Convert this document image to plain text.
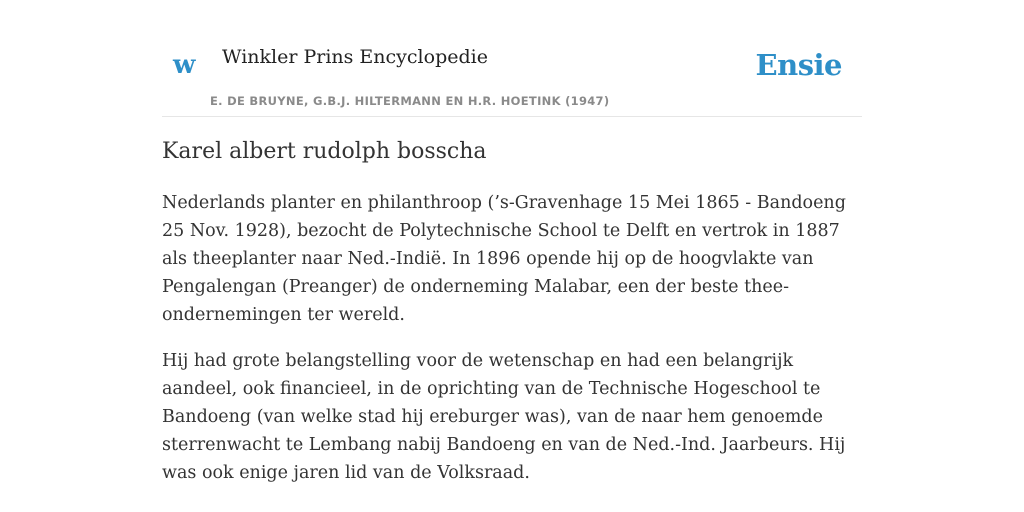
w Winkler Prins Encyclopedie
E. DE BRUYNE, G.B.J. HILTERMANN EN H.R. HOETINK (1947)
Ensie
Karel albert rudolph bosscha

Nederlands planter en philanthroop (’s-Gravenhage 15 Mei 1865 - Bandoeng 25 Nov. 1928), bezocht de Polytechnische School te Delft en vertrok in 1887 als theeplanter naar Ned.-Indië. In 1896 opende hij op de hoogvlakte van Pengalengan (Preanger) de onderneming Malabar, een der beste thee-ondernemingen ter wereld.

Hij had grote belangstelling voor de wetenschap en had een belangrijk aandeel, ook financieel, in de oprichting van de Technische Hogeschool te Bandoeng (van welke stad hij ereburger was), van de naar hem genoemde sterrenwacht te Lembang nabij Bandoeng en van de Ned.-Ind. Jaarbeurs. Hij was ook enige jaren lid van de Volksraad.
